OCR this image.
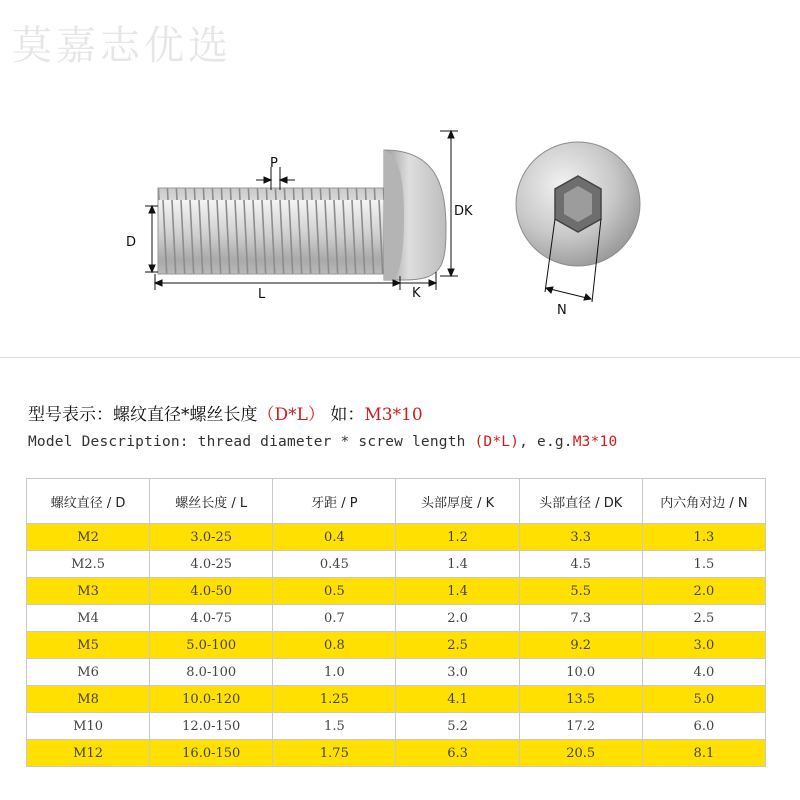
莫嘉志优选
P
D
L	K
DK
N
型号表示：螺纹直径*螺丝长度（D*L） 如：M3*10
Model Description: thread diameter * screw length (D*L), e.g.M3*10
螺纹直径 / D	螺丝长度 / L	牙距 / P	头部厚度 / K	头部直径 / DK	内六角对边 / N
M2	3.0-25	0.4	1.2	3.3	1.3
M2.5	4.0-25	0.45	1.4	4.5	1.5
M3	4.0-50	0.5	1.4	5.5	2.0
M4	4.0-75	0.7	2.0	7.3	2.5
M5	5.0-100	0.8	2.5	9.2	3.0
M6	8.0-100	1.0	3.0	10.0	4.0
M8	10.0-120	1.25	4.1	13.5	5.0
M10	12.0-150	1.5	5.2	17.2	6.0
M12	16.0-150	1.75	6.3	20.5	8.1
